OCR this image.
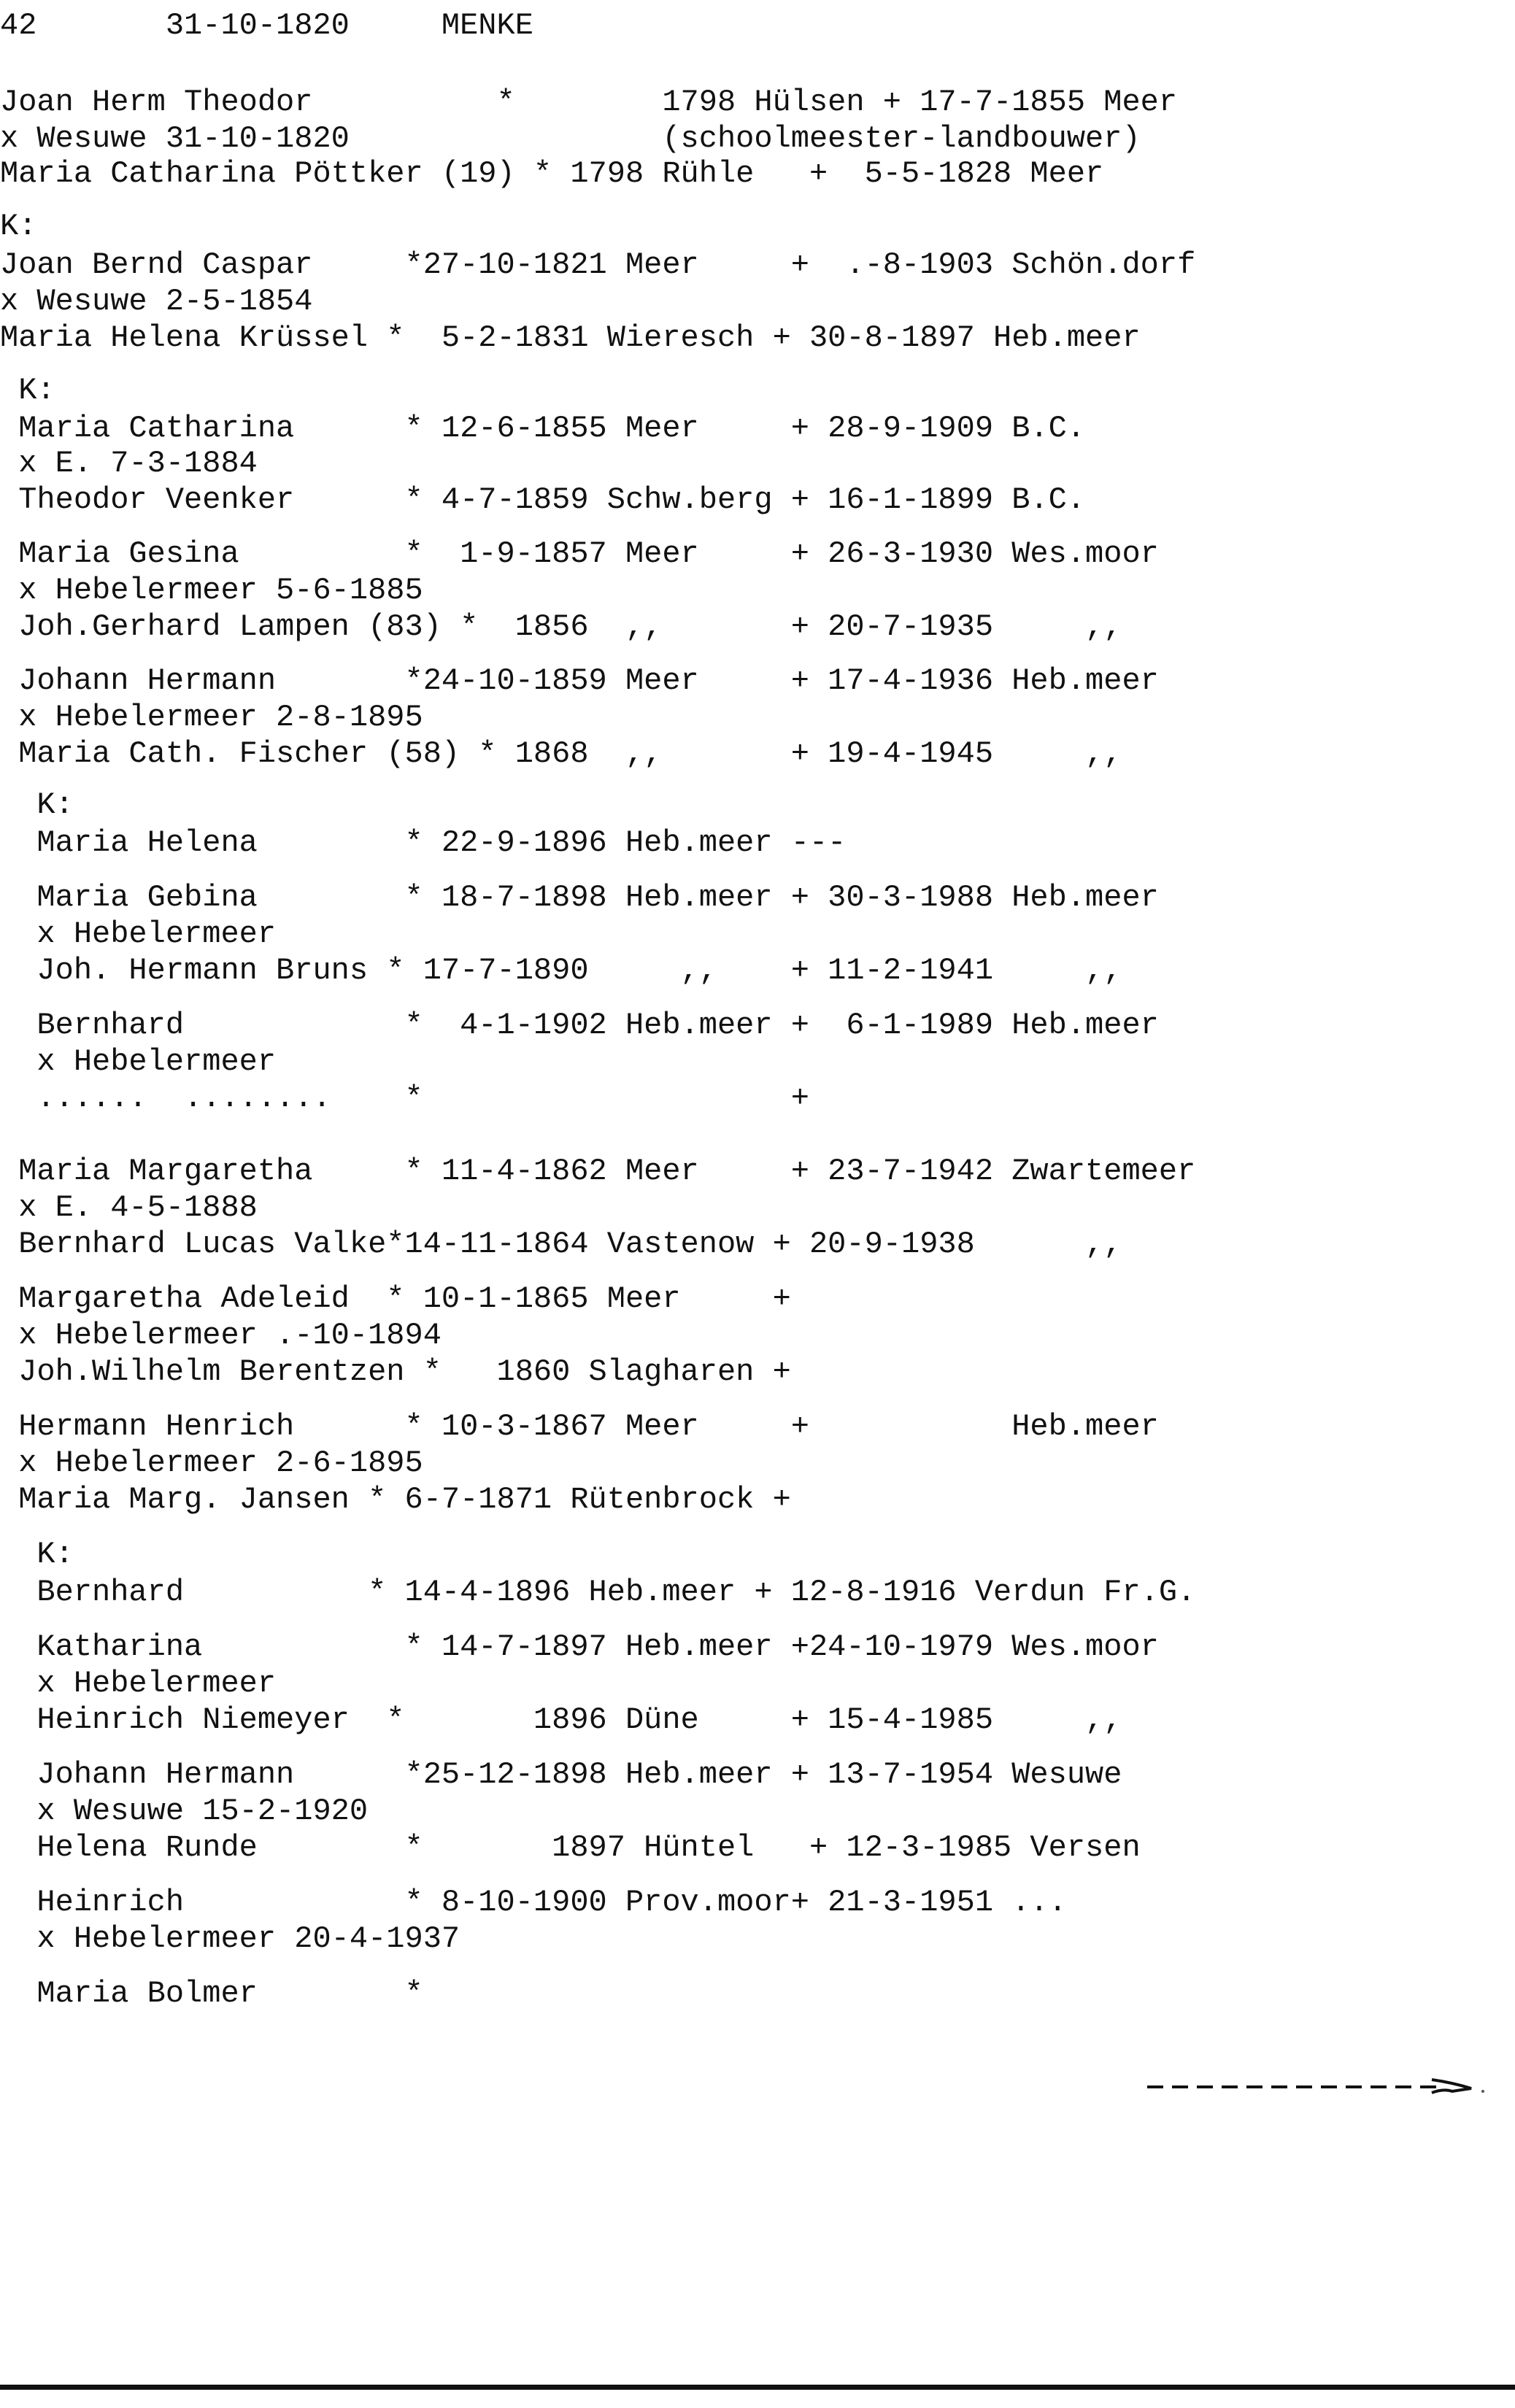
42       31-10-1820     MENKE
Joan Herm Theodor          *        1798 Hülsen + 17-7-1855 Meer
x Wesuwe 31-10-1820                 (schoolmeester-landbouwer)
Maria Catharina Pöttker (19) * 1798 Rühle   +  5-5-1828 Meer
K:
Joan Bernd Caspar     *27-10-1821 Meer     +  .-8-1903 Schön.dorf
x Wesuwe 2-5-1854
Maria Helena Krüssel *  5-2-1831 Wieresch + 30-8-1897 Heb.meer
K:
Maria Catharina      * 12-6-1855 Meer     + 28-9-1909 B.C.
x E. 7-3-1884
Theodor Veenker      * 4-7-1859 Schw.berg + 16-1-1899 B.C.
Maria Gesina         *  1-9-1857 Meer     + 26-3-1930 Wes.moor
x Hebelermeer 5-6-1885
Joh.Gerhard Lampen (83) *  1856  ,,       + 20-7-1935     ,,
Johann Hermann       *24-10-1859 Meer     + 17-4-1936 Heb.meer
x Hebelermeer 2-8-1895
Maria Cath. Fischer (58) * 1868  ,,       + 19-4-1945     ,,
K:
Maria Helena        * 22-9-1896 Heb.meer ---
Maria Gebina        * 18-7-1898 Heb.meer + 30-3-1988 Heb.meer
x Hebelermeer
Joh. Hermann Bruns * 17-7-1890     ,,    + 11-2-1941     ,,
Bernhard            *  4-1-1902 Heb.meer +  6-1-1989 Heb.meer
x Hebelermeer
......  ........    *                    +
Maria Margaretha     * 11-4-1862 Meer     + 23-7-1942 Zwartemeer
x E. 4-5-1888
Bernhard Lucas Valke*14-11-1864 Vastenow + 20-9-1938      ,,
Margaretha Adeleid  * 10-1-1865 Meer     +
x Hebelermeer .-10-1894
Joh.Wilhelm Berentzen *   1860 Slagharen +
Hermann Henrich      * 10-3-1867 Meer     +           Heb.meer
x Hebelermeer 2-6-1895
Maria Marg. Jansen * 6-7-1871 Rütenbrock +
K:
Bernhard          * 14-4-1896 Heb.meer + 12-8-1916 Verdun Fr.G.
Katharina           * 14-7-1897 Heb.meer +24-10-1979 Wes.moor
x Hebelermeer
Heinrich Niemeyer  *       1896 Düne     + 15-4-1985     ,,
Johann Hermann      *25-12-1898 Heb.meer + 13-7-1954 Wesuwe
x Wesuwe 15-2-1920
Helena Runde        *       1897 Hüntel   + 12-3-1985 Versen
Heinrich            * 8-10-1900 Prov.moor+ 21-3-1951 ...
x Hebelermeer 20-4-1937
Maria Bolmer        *
